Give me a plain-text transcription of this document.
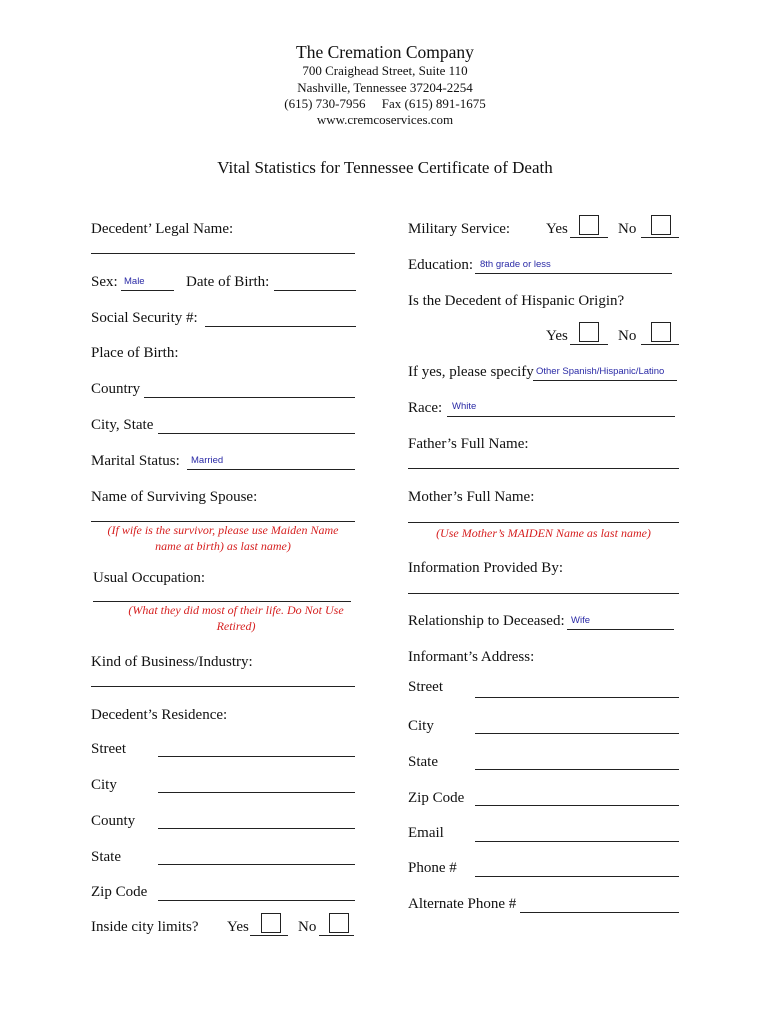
The Cremation Company
700 Craighead Street, Suite 110
Nashville, Tennessee 37204-2254
(615) 730-7956     Fax (615) 891-1675
www.cremcoservices.com
Vital Statistics for Tennessee Certificate of Death
Decedent’ Legal Name:
Sex: Male	Date of Birth:
Social Security #:
Place of Birth:
Country
City, State
Marital Status: Married
Name of Surviving Spouse:
(If wife is the survivor, please use Maiden Name
name at birth) as last name)
Usual Occupation:
(What they did most of their life. Do Not Use
Retired)
Kind of Business/Industry:
Decedent’s Residence:
Street
City
County
State
Zip Code
Inside city limits? Yes	No
Military Service: Yes	No
Education: 8th grade or less
Is the Decedent of Hispanic Origin?
Yes	No
If yes, please specify Other Spanish/Hispanic/Latino
Race: White
Father’s Full Name:
Mother’s Full Name:
(Use Mother’s MAIDEN Name as last name)
Information Provided By:
Relationship to Deceased: Wife
Informant’s Address:
Street
City
State
Zip Code
Email
Phone #
Alternate Phone #
